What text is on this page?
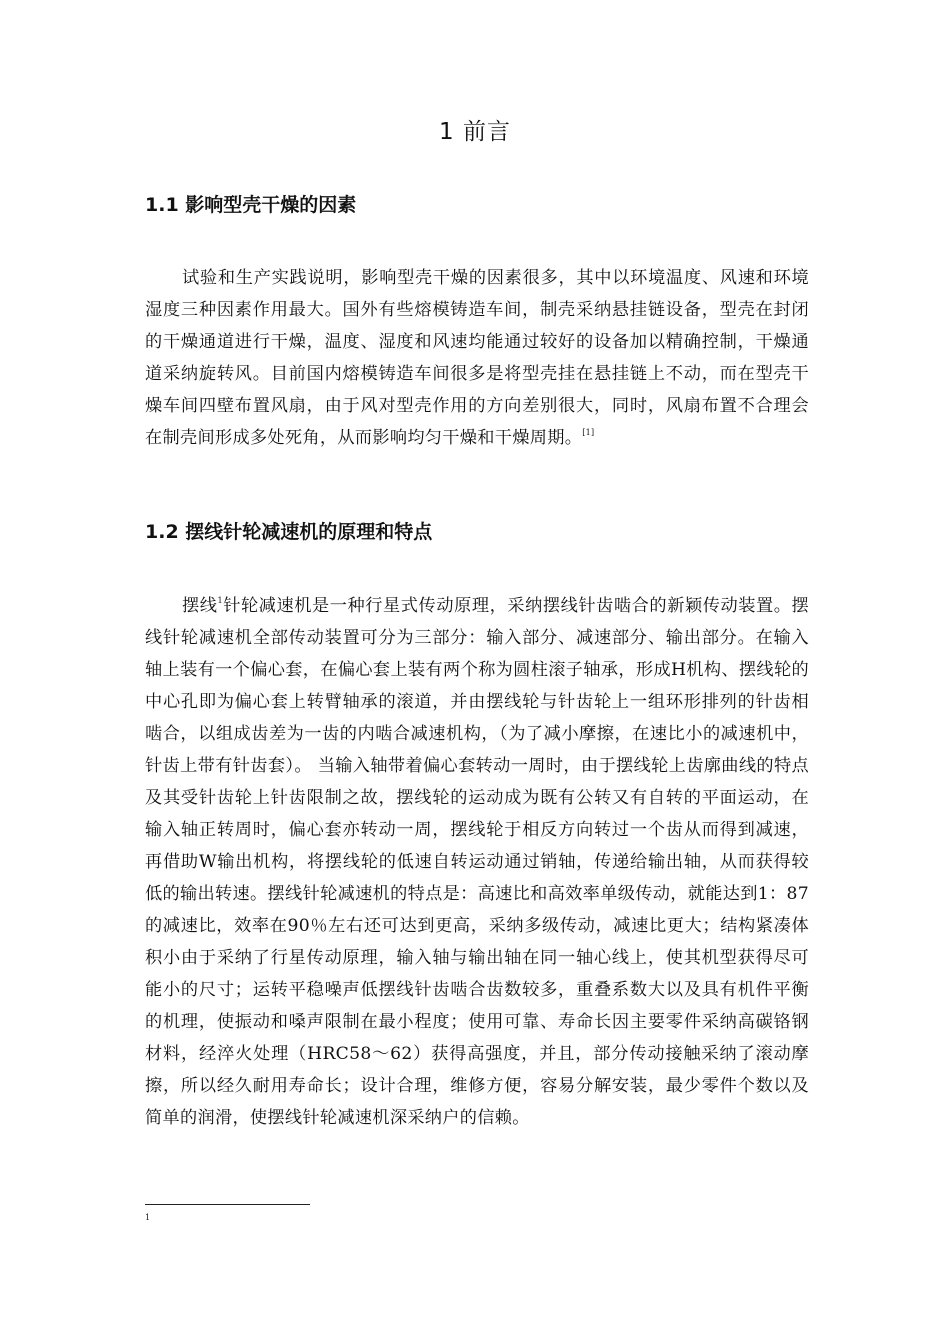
1 前言
1.1 影响型壳干燥的因素

试验和生产实践说明，影响型壳干燥的因素很多，其中以环境温度、风速和环境湿度三种因素作用最大。国外有些熔模铸造车间，制壳采纳悬挂链设备，型壳在封闭的干燥通道进行干燥，温度、湿度和风速均能通过较好的设备加以精确控制，干燥通道采纳旋转风。目前国内熔模铸造车间很多是将型壳挂在悬挂链上不动，而在型壳干燥车间四壁布置风扇，由于风对型壳作用的方向差别很大，同时，风扇布置不合理会在制壳间形成多处死角，从而影响均匀干燥和干燥周期。[1]

1.2 摆线针轮减速机的原理和特点

摆线$^1$针轮减速机是一种行星式传动原理，采纳摆线针齿啮合的新颖传动装置。摆线针轮减速机全部传动装置可分为三部分：输入部分、减速部分、输出部分。在输入轴上装有一个偏心套，在偏心套上装有两个称为圆柱滚子轴承，形成H机构、摆线轮的中心孔即为偏心套上转臂轴承的滚道，并由摆线轮与针齿轮上一组环形排列的针齿相啮合，以组成齿差为一齿的内啮合减速机构，（为了减小摩擦，在速比小的减速机中，针齿上带有针齿套）。 当输入轴带着偏心套转动一周时，由于摆线轮上齿廓曲线的特点及其受针齿轮上针齿限制之故，摆线轮的运动成为既有公转又有自转的平面运动，在输入轴正转周时，偏心套亦转动一周，摆线轮于相反方向转过一个齿从而得到减速，再借助W输出机构，将摆线轮的低速自转运动通过销轴，传递给输出轴，从而获得较低的输出转速。摆线针轮减速机的特点是：高速比和高效率单级传动，就能达到1：87的减速比，效率在90％左右还可达到更高，采纳多级传动，减速比更大；结构紧凑体积小由于采纳了行星传动原理，输入轴与输出轴在同一轴心线上，使其机型获得尽可能小的尺寸；运转平稳噪声低摆线针齿啮合齿数较多，重叠系数大以及具有机件平衡的机理，使振动和嗓声限制在最小程度；使用可靠、寿命长因主要零件采纳高碳铬钢材料，经淬火处理（HRC58～62）获得高强度，并且，部分传动接触采纳了滚动摩擦，所以经久耐用寿命长；设计合理，维修方便，容易分解安装，最少零件个数以及简单的润滑，使摆线针轮减速机深采纳户的信赖。

1
